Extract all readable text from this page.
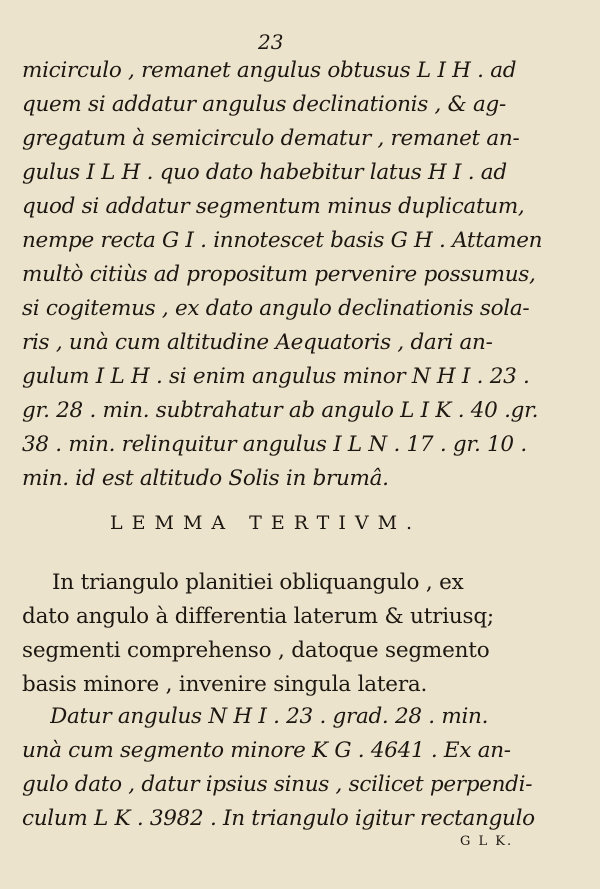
23
micirculo , remanet angulus obtusus L I H . ad
quem si addatur angulus declinationis , & ag-
gregatum à semicirculo dematur , remanet an-
gulus I L H . quo dato habebitur latus H I . ad
quod si addatur segmentum minus duplicatum,
nempe recta G I . innotescet basis G H . Attamen
multò citiùs ad propositum pervenire possumus,
si cogitemus , ex dato angulo declinationis sola-
ris , unà cum altitudine Aequatoris , dari an-
gulum I L H . si enim angulus minor N H I . 23 .
gr. 28 . min. subtrahatur ab angulo L I K . 40 .gr.
38 . min. relinquitur angulus I L N . 17 . gr. 10 .
min. id est altitudo Solis in brumâ.
LEMMA TERTIVM.
In triangulo planitiei obliquangulo , ex
dato angulo à differentia laterum & utriusq;
segmenti comprehenso , datoque segmento
basis minore , invenire singula latera.
Datur angulus N H I . 23 . grad. 28 . min.
unà cum segmento minore K G . 4641 . Ex an-
gulo dato , datur ipsius sinus , scilicet perpendi-
culum L K . 3982 . In triangulo igitur rectangulo
G L K.
